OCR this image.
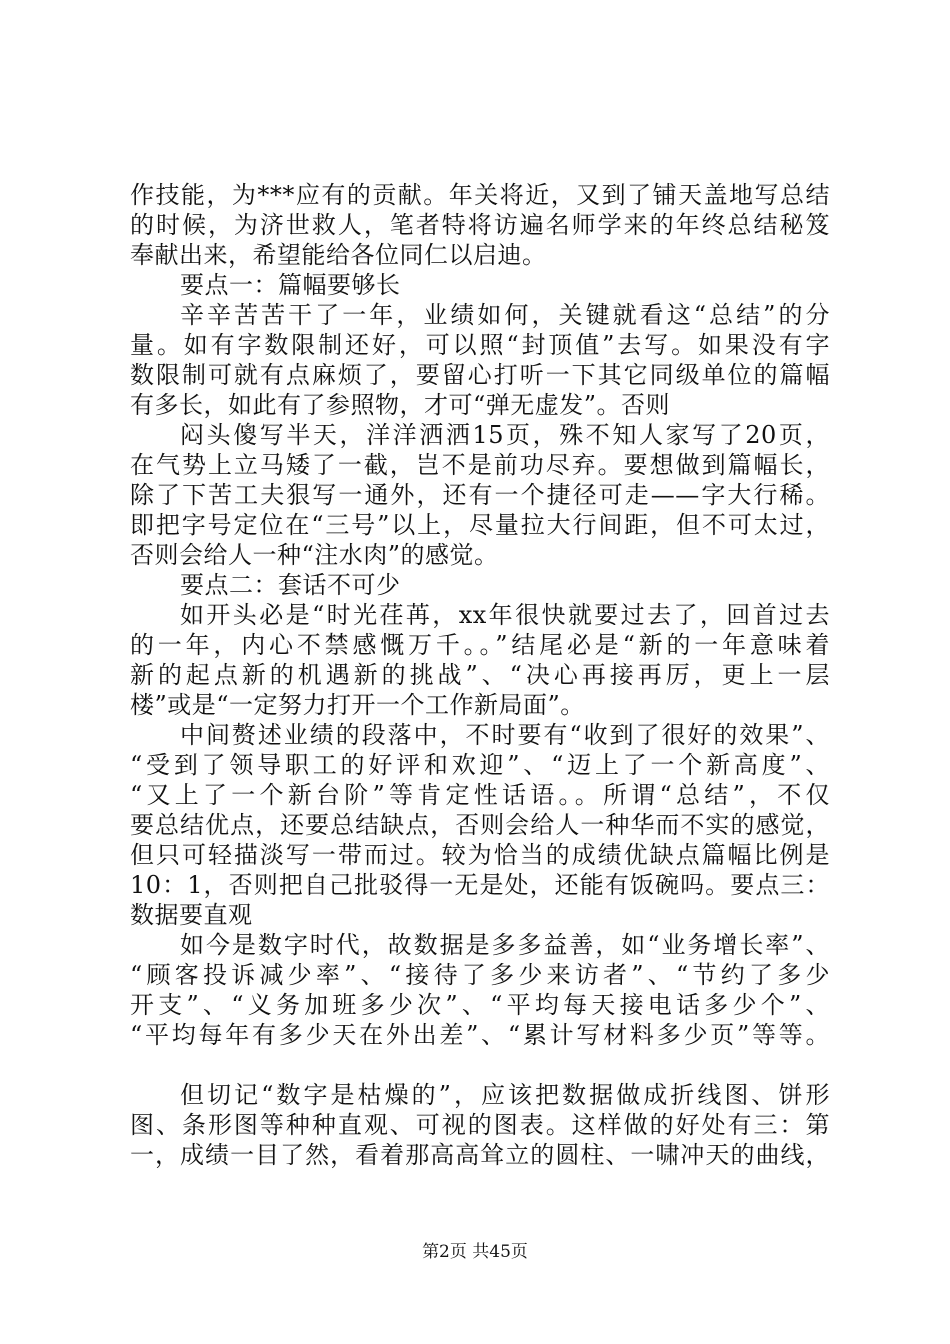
作技能，为***应有的贡献。年关将近，又到了铺天盖地写总结
的时候，为济世救人，笔者特将访遍名师学来的年终总结秘笈
奉献出来，希望能给各位同仁以启迪。
要点一：篇幅要够长
辛辛苦苦干了一年，业绩如何，关键就看这“总结”的分
量。如有字数限制还好，可以照“封顶值”去写。如果没有字
数限制可就有点麻烦了，要留心打听一下其它同级单位的篇幅
有多长，如此有了参照物，才可“弹无虚发”。否则
闷头傻写半天，洋洋洒洒15页，殊不知人家写了20页，
在气势上立马矮了一截，岂不是前功尽弃。要想做到篇幅长，
除了下苦工夫狠写一通外，还有一个捷径可走——字大行稀。
即把字号定位在“三号”以上，尽量拉大行间距，但不可太过，
否则会给人一种“注水肉”的感觉。
要点二：套话不可少
如开头必是“时光荏苒，xx年很快就要过去了，回首过去
的一年，内心不禁感慨万千。。”结尾必是“新的一年意味着
新的起点新的机遇新的挑战”、“决心再接再厉，更上一层
楼”或是“一定努力打开一个工作新局面”。
中间赘述业绩的段落中，不时要有“收到了很好的效果”、
“受到了领导职工的好评和欢迎”、“迈上了一个新高度”、
“又上了一个新台阶”等肯定性话语。。所谓“总结”，不仅
要总结优点，还要总结缺点，否则会给人一种华而不实的感觉，
但只可轻描淡写一带而过。较为恰当的成绩优缺点篇幅比例是
10：1，否则把自己批驳得一无是处，还能有饭碗吗。要点三：
数据要直观
如今是数字时代，故数据是多多益善，如“业务增长率”、
“顾客投诉减少率”、“接待了多少来访者”、“节约了多少
开支”、“义务加班多少次”、“平均每天接电话多少个”、
“平均每年有多少天在外出差”、“累计写材料多少页”等等。
但切记“数字是枯燥的”，应该把数据做成折线图、饼形
图、条形图等种种直观、可视的图表。这样做的好处有三：第
一，成绩一目了然，看着那高高耸立的圆柱、一啸冲天的曲线，
第2页 共45页
